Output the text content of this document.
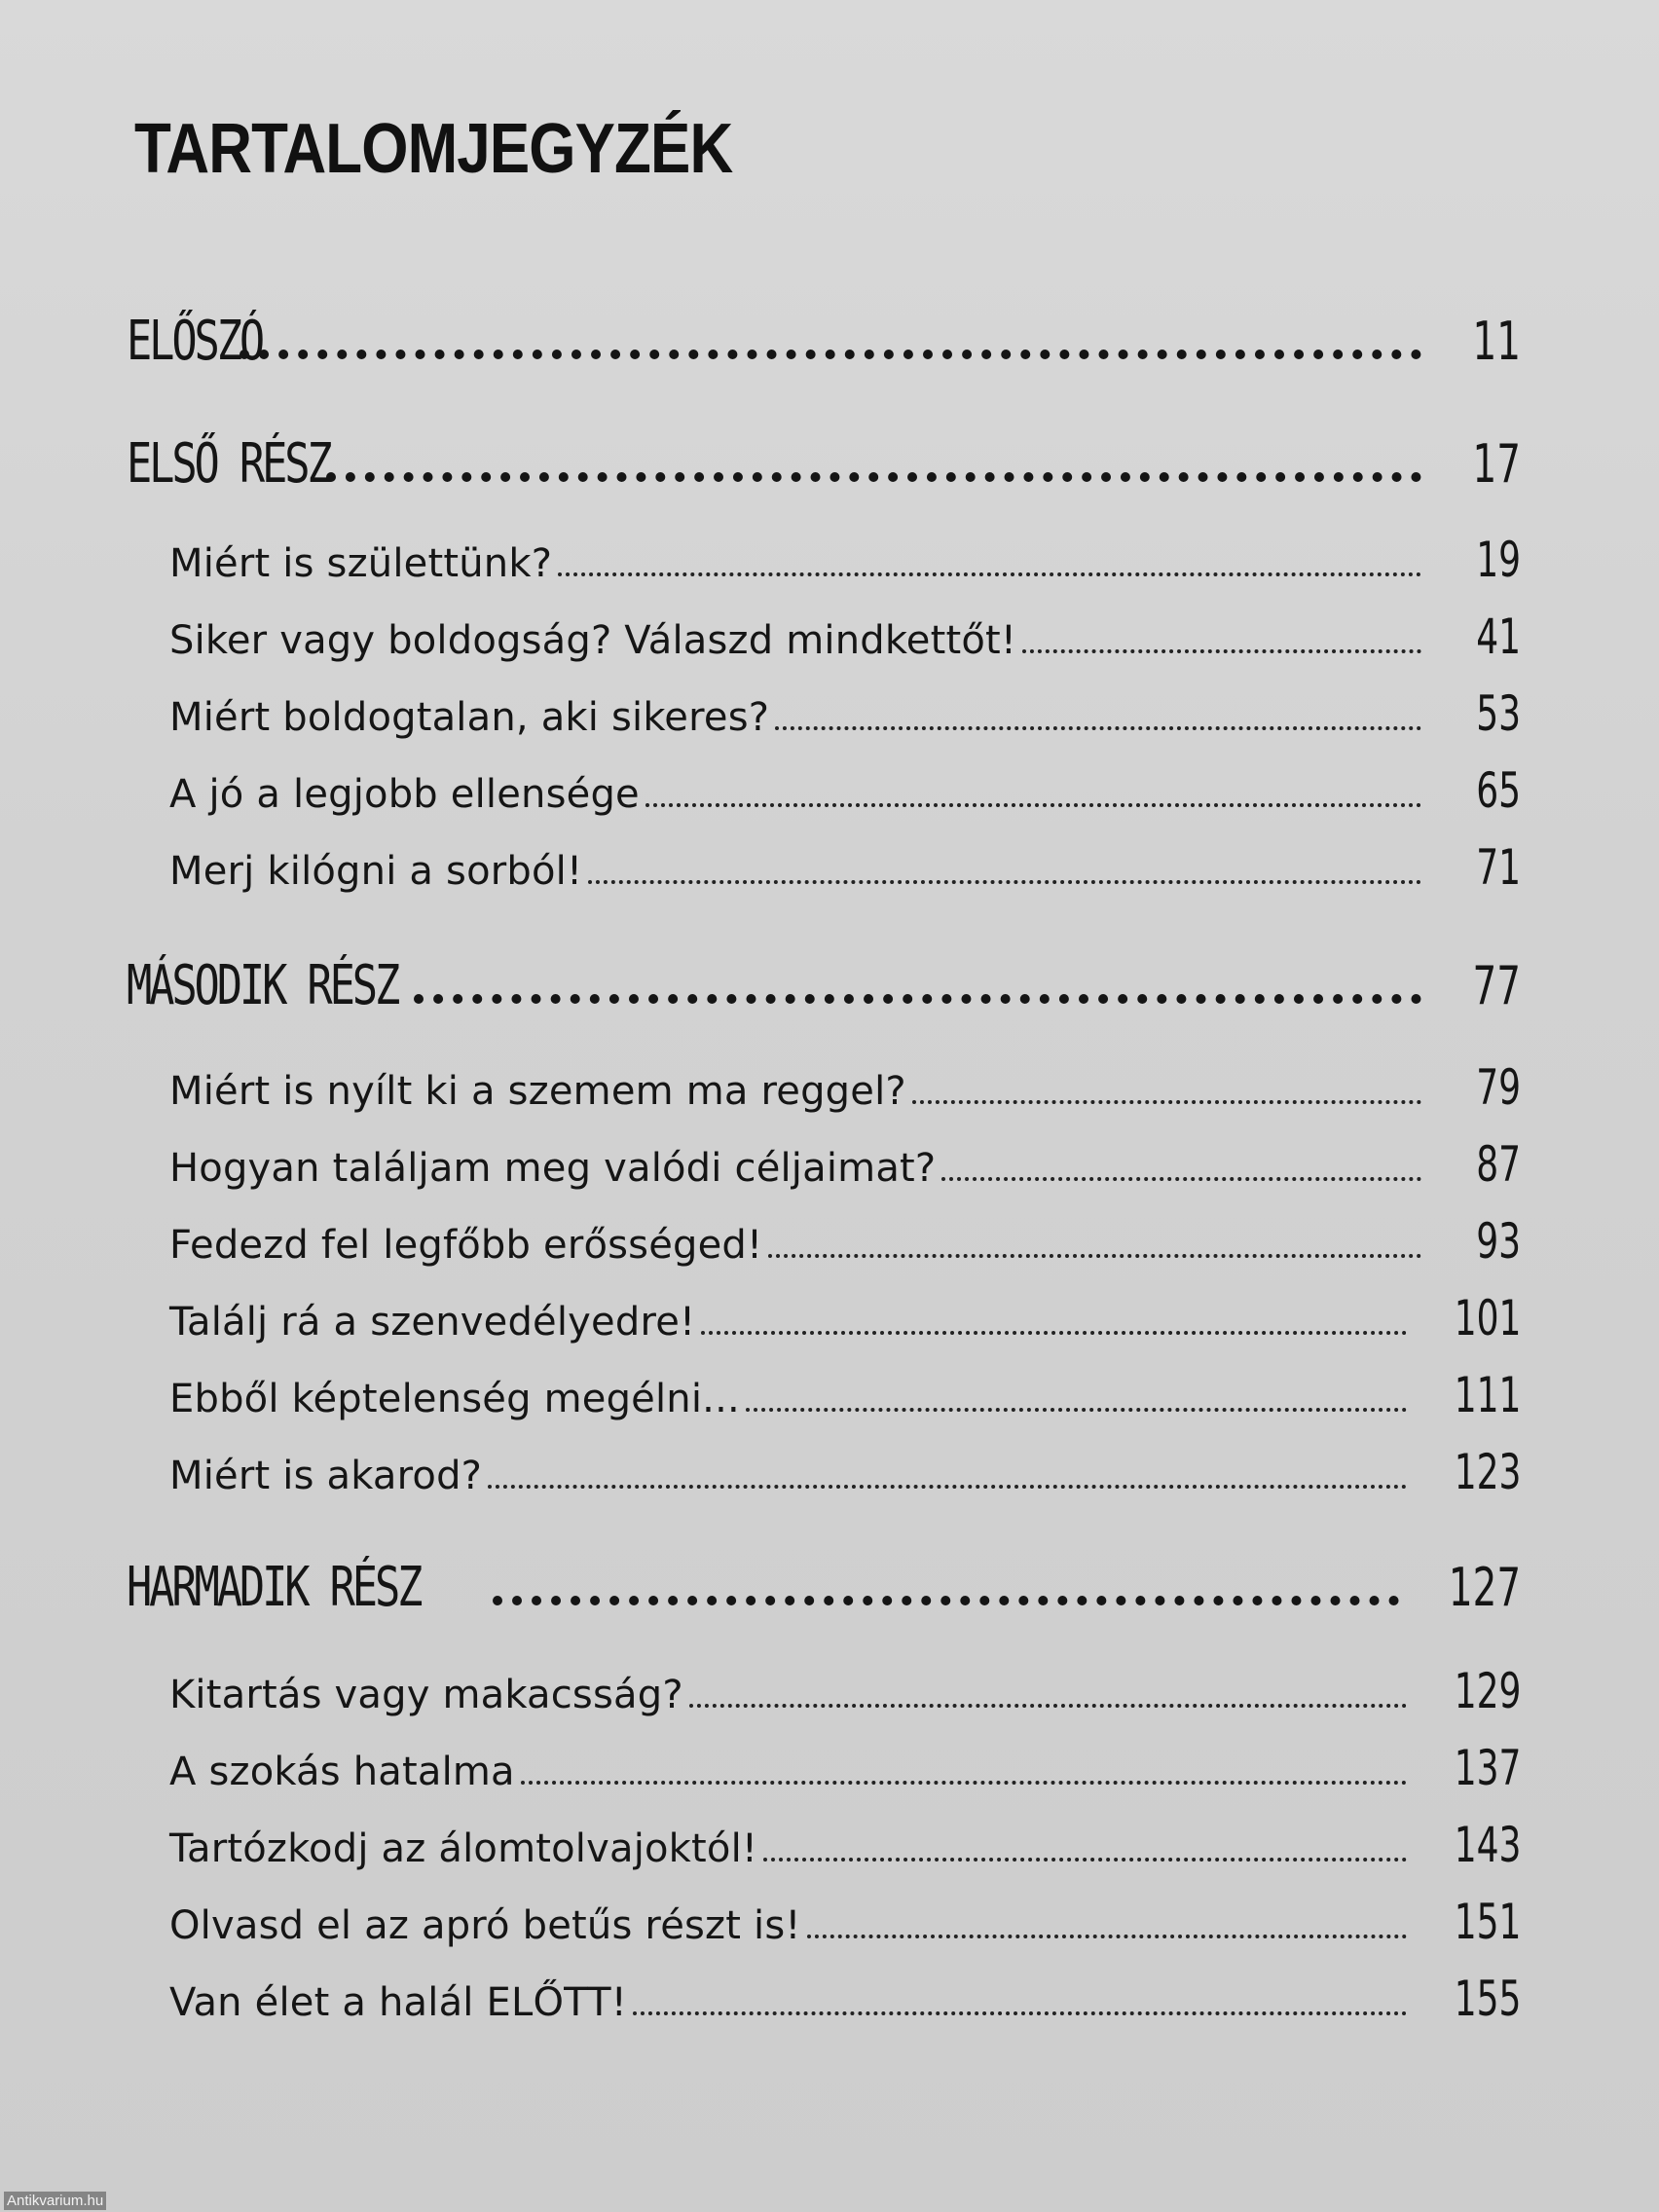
TARTALOMJEGYZÉK
ELŐSZÓ	11
ELSŐ RÉSZ	17
Miért is születtünk?	19
Siker vagy boldogság? Válaszd mindkettőt!	41
Miért boldogtalan, aki sikeres?	53
A jó a legjobb ellensége	65
Merj kilógni a sorból!	71
MÁSODIK RÉSZ	77
Miért is nyílt ki a szemem ma reggel?	79
Hogyan találjam meg valódi céljaimat?	87
Fedezd fel legfőbb erősséged!	93
Találj rá a szenvedélyedre!	101
Ebből képtelenség megélni...	111
Miért is akarod?	123
HARMADIK RÉSZ	127
Kitartás vagy makacsság?	129
A szokás hatalma	137
Tartózkodj az álomtolvajoktól!	143
Olvasd el az apró betűs részt is!	151
Van élet a halál ELŐTT!	155
Antikvarium.hu
